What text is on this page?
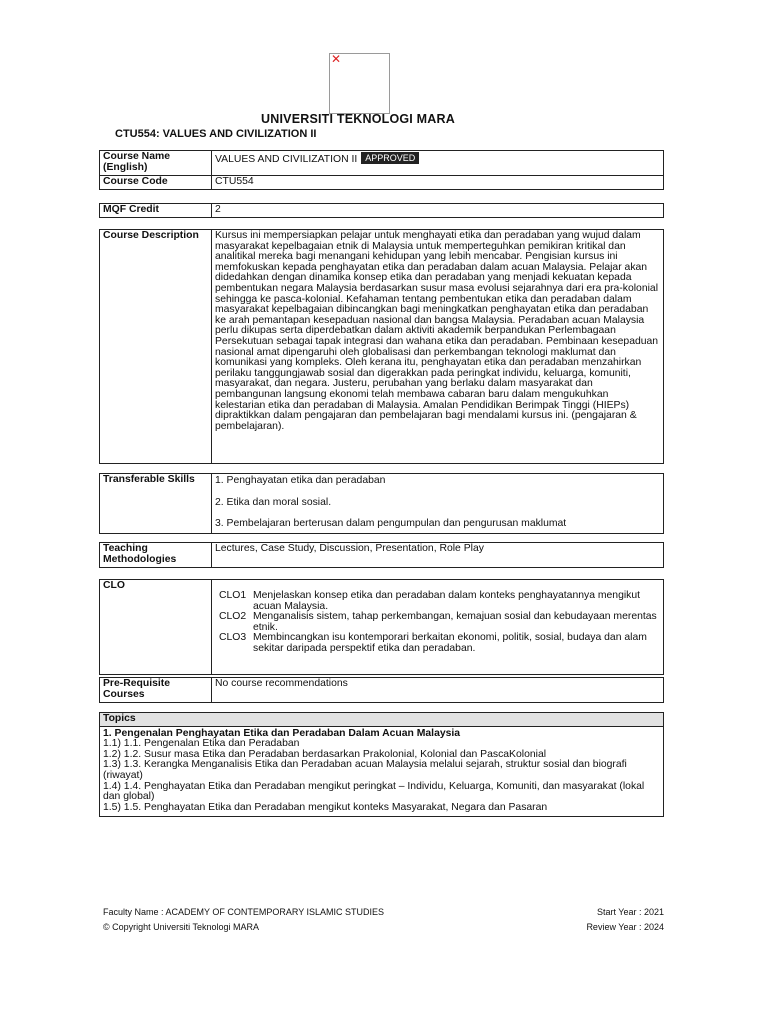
✕
UNIVERSITI TEKNOLOGI MARA
CTU554: VALUES AND CIVILIZATION II
Course Name (English)	VALUES AND CIVILIZATION II APPROVED
Course Code	CTU554
MQF Credit	2
Course Description	Kursus ini mempersiapkan pelajar untuk menghayati etika dan peradaban yang wujud dalam masyarakat kepelbagaian etnik di Malaysia untuk memperteguhkan pemikiran kritikal dan analitikal mereka bagi menangani kehidupan yang lebih mencabar. Pengisian kursus ini memfokuskan kepada penghayatan etika dan peradaban dalam acuan Malaysia. Pelajar akan didedahkan dengan dinamika konsep etika dan peradaban yang menjadi kekuatan kepada pembentukan negara Malaysia berdasarkan susur masa evolusi sejarahnya dari era pra-kolonial sehingga ke pasca-kolonial. Kefahaman tentang pembentukan etika dan peradaban dalam masyarakat kepelbagaian dibincangkan bagi meningkatkan penghayatan etika dan peradaban ke arah pemantapan kesepaduan nasional dan bangsa Malaysia. Peradaban acuan Malaysia perlu dikupas serta diperdebatkan dalam aktiviti akademik berpandukan Perlembagaan Persekutuan sebagai tapak integrasi dan wahana etika dan peradaban. Pembinaan kesepaduan nasional amat dipengaruhi oleh globalisasi dan perkembangan teknologi maklumat dan komunikasi yang kompleks. Oleh kerana itu, penghayatan etika dan peradaban menzahirkan perilaku tanggungjawab sosial dan digerakkan pada peringkat individu, keluarga, komuniti, masyarakat, dan negara. Justeru, perubahan yang berlaku dalam masyarakat dan pembangunan langsung ekonomi telah membawa cabaran baru dalam mengukuhkan kelestarian etika dan peradaban di Malaysia. Amalan Pendidikan Berimpak Tinggi (HIEPs) dipraktikkan dalam pengajaran dan pembelajaran bagi mendalami kursus ini. (pengajaran & pembelajaran).
Transferable Skills	1. Penghayatan etika dan peradaban
2. Etika dan moral sosial.
3. Pembelajaran berterusan dalam pengumpulan dan pengurusan maklumat
Teaching Methodologies	Lectures, Case Study, Discussion, Presentation, Role Play
CLO	
CLO1 Menjelaskan konsep etika dan peradaban dalam konteks penghayatannya mengikut acuan Malaysia.
CLO2 Menganalisis sistem, tahap perkembangan, kemajuan sosial dan kebudayaan merentas etnik.
CLO3 Membincangkan isu kontemporari berkaitan ekonomi, politik, sosial, budaya dan alam sekitar daripada perspektif etika dan peradaban.
Pre-Requisite Courses	No course recommendations
Topics

1. Pengenalan Penghayatan Etika dan Peradaban Dalam Acuan Malaysia
1.1) 1.1. Pengenalan Etika dan Peradaban
1.2) 1.2. Susur masa Etika dan Peradaban berdasarkan Prakolonial, Kolonial dan PascaKolonial
1.3) 1.3. Kerangka Menganalisis Etika dan Peradaban acuan Malaysia melalui sejarah, struktur sosial dan biografi (riwayat)
1.4) 1.4. Penghayatan Etika dan Peradaban mengikut peringkat – Individu, Keluarga, Komuniti, dan masyarakat (lokal dan global)
1.5) 1.5. Penghayatan Etika dan Peradaban mengikut konteks Masyarakat, Negara dan Pasaran
Faculty Name : ACADEMY OF CONTEMPORARY ISLAMIC STUDIES
© Copyright Universiti Teknologi MARA
Start Year : 2021
Review Year : 2024
